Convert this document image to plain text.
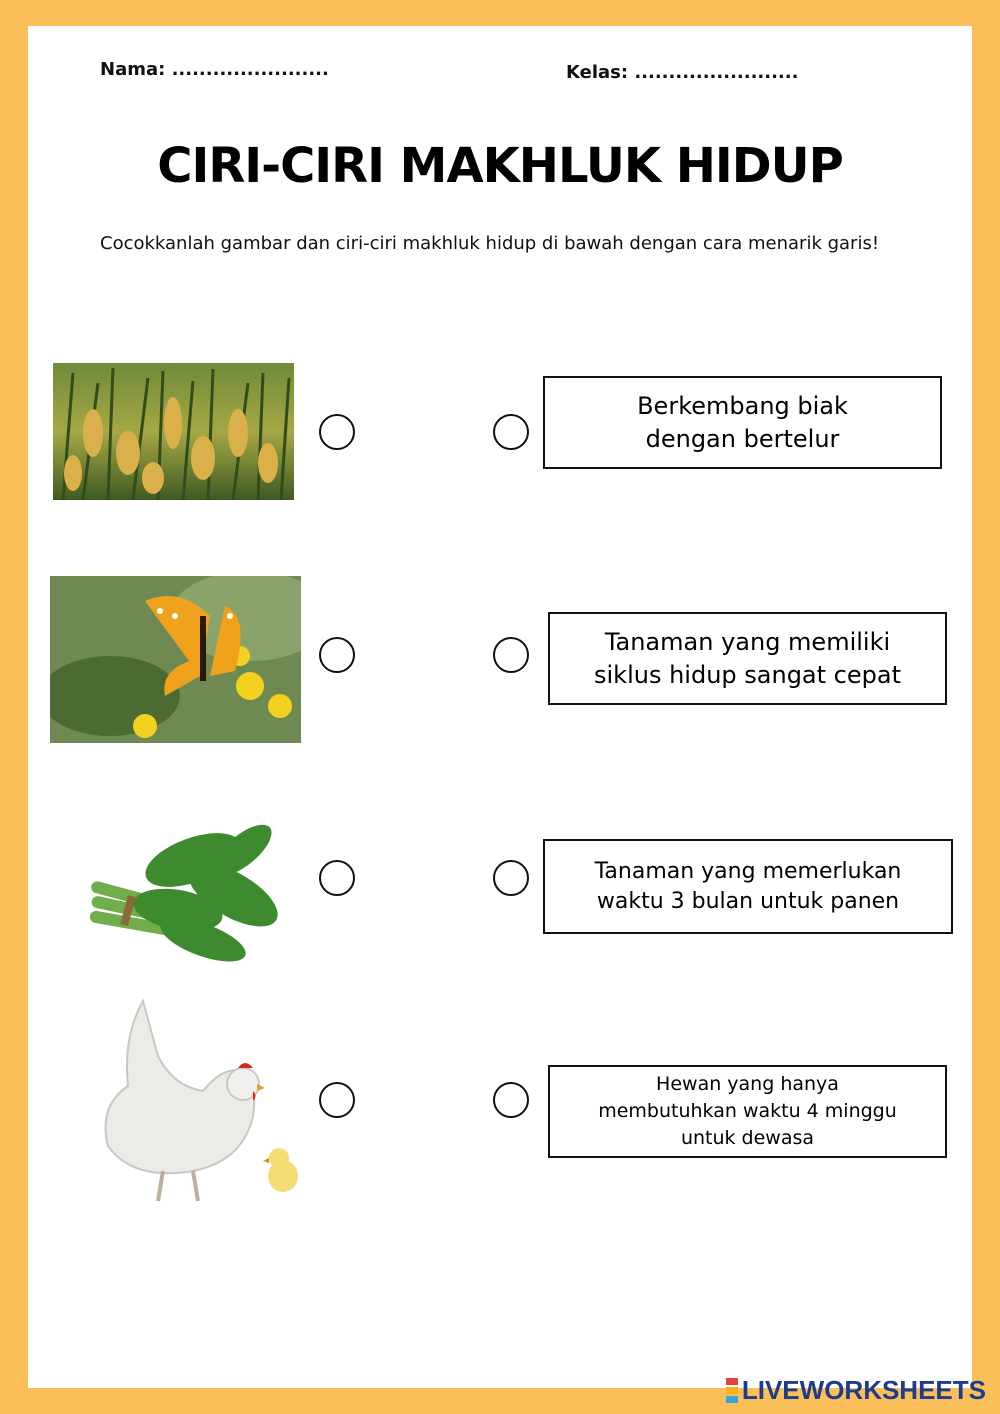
Nama: .......................	Kelas: ........................
CIRI-CIRI MAKHLUK HIDUP
Cocokkanlah gambar dan ciri-ciri makhluk hidup di bawah dengan cara menarik garis!
Berkembang biak
dengan bertelur
Tanaman yang memiliki
siklus hidup sangat cepat
Tanaman yang memerlukan
waktu 3 bulan untuk panen
Hewan yang hanya
membutuhkan waktu 4 minggu
untuk dewasa
LIVEWORKSHEETS
